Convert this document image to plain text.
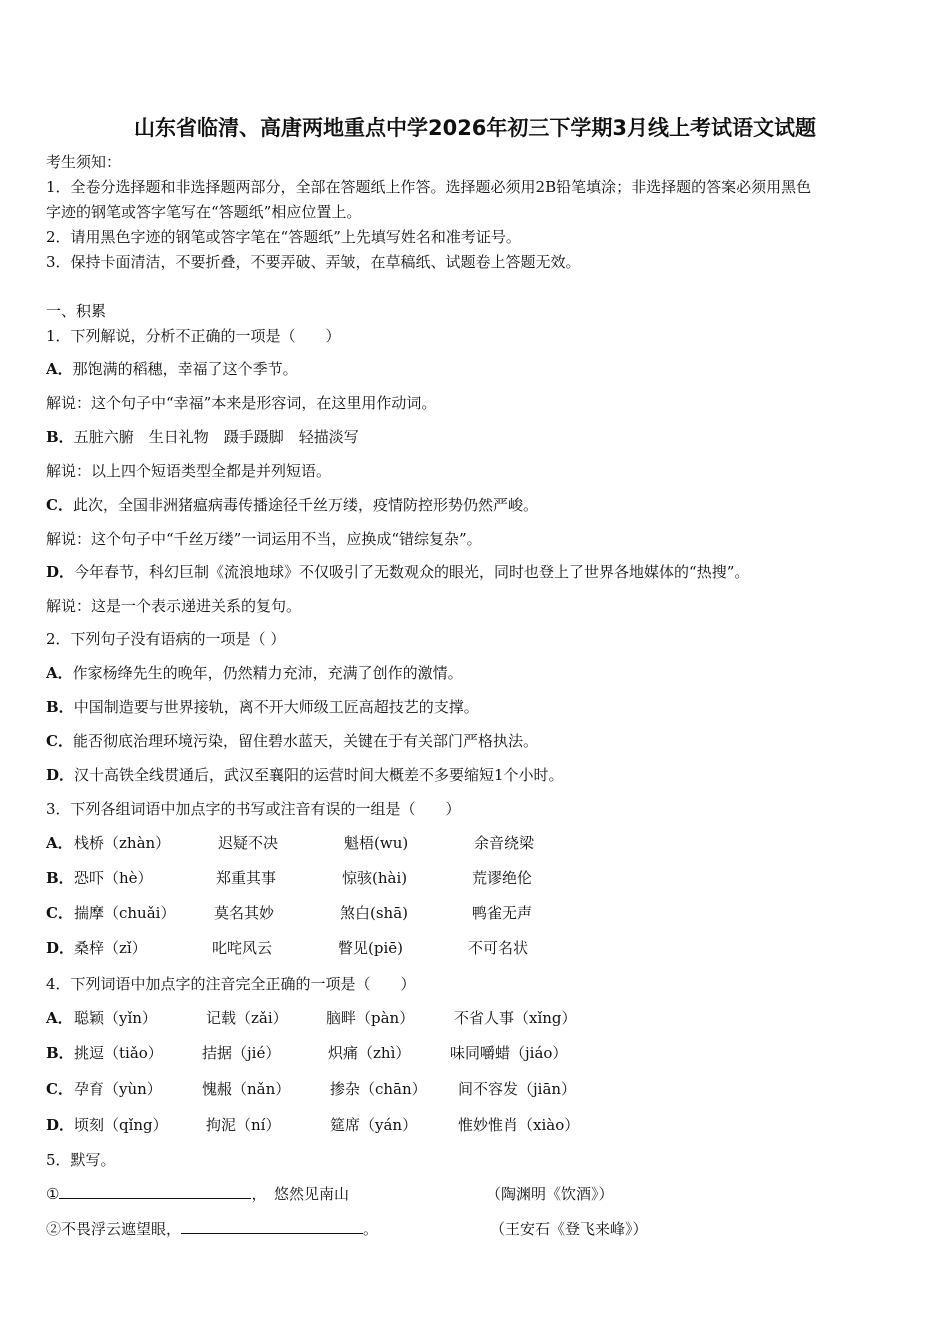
山东省临清、高唐两地重点中学2026年初三下学期3月线上考试语文试题
考生须知：
1．全卷分选择题和非选择题两部分，全部在答题纸上作答。选择题必须用2B铅笔填涂；非选择题的答案必须用黑色
字迹的钢笔或答字笔写在“答题纸”相应位置上。
2．请用黑色字迹的钢笔或答字笔在“答题纸”上先填写姓名和准考证号。
3．保持卡面清洁，不要折叠，不要弄破、弄皱，在草稿纸、试题卷上答题无效。
一、积累
1．下列解说，分析不正确的一项是（　　）
A．那饱满的稻穗，幸福了这个季节。
解说：这个句子中“幸福”本来是形容词，在这里用作动词。
B．五脏六腑　生日礼物　蹑手蹑脚　轻描淡写
解说：以上四个短语类型全都是并列短语。
C．此次，全国非洲猪瘟病毒传播途径千丝万缕，疫情防控形势仍然严峻。
解说：这个句子中“千丝万缕”一词运用不当，应换成“错综复杂”。
D．今年春节，科幻巨制《流浪地球》不仅吸引了无数观众的眼光，同时也登上了世界各地媒体的“热搜”。
解说：这是一个表示递进关系的复句。
2．下列句子没有语病的一项是（ ）
A．作家杨绛先生的晚年，仍然精力充沛，充满了创作的激情。
B．中国制造要与世界接轨，离不开大师级工匠高超技艺的支撑。
C．能否彻底治理环境污染，留住碧水蓝天，关键在于有关部门严格执法。
D．汉十高铁全线贯通后，武汉至襄阳的运营时间大概差不多要缩短1个小时。
3．下列各组词语中加点字的书写或注音有误的一组是（　　）
A． 栈桥（zhàn）	迟疑不决	魁梧(wu)	余音绕梁
B． 恐吓（hè）	郑重其事	惊骇(hài)	荒谬绝伦
C． 揣摩（chuǎi）	莫名其妙	煞白(shā)	鸭雀无声
D． 桑梓（zǐ）	叱咤风云	瞥见(piē)	不可名状
4．下列词语中加点字的注音完全正确的一项是（　　）
A． 聪颖（yǐn）	记载（zǎi）	脑畔（pàn）	不省人事（xǐng）
B． 挑逗（tiǎo）	拮据（jié）	炽痛（zhì）	味同嚼蜡（jiáo）
C． 孕育（yùn）	愧赧（nǎn）	掺杂（chān） 间不容发（jiān）
D． 顷刻（qǐng）	拘泥（ní）	筵席（yán）	惟妙惟肖（xiào）
5．默写。
①	，　悠然见南山	（陶渊明《饮酒》）
②不畏浮云遮望眼，	。	（王安石《登飞来峰》）
